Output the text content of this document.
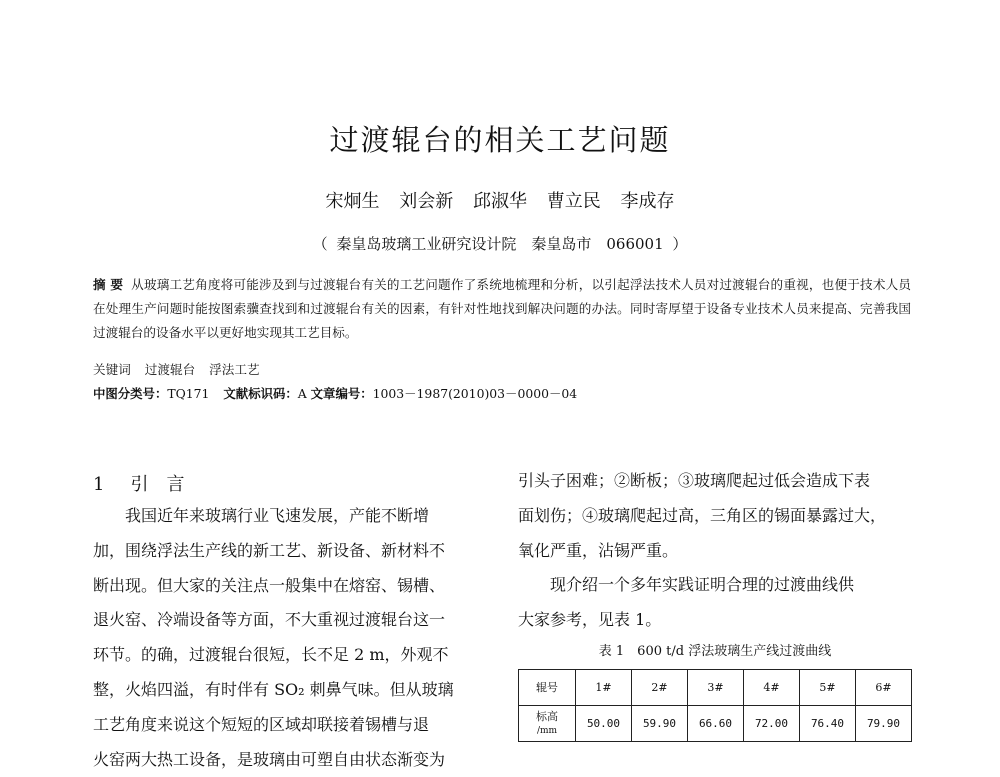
过渡辊台的相关工艺问题
宋炯生 刘会新 邱淑华 曹立民 李成存
（ 秦皇岛玻璃工业研究设计院　秦皇岛市　066001 ）
摘 要 从玻璃工艺角度将可能涉及到与过渡辊台有关的工艺问题作了系统地梳理和分析，以引起浮法技术人员对过渡辊台的重视，也便于技术人员在处理生产问题时能按图索骥查找到和过渡辊台有关的因素，有针对性地找到解决问题的办法。同时寄厚望于设备专业技术人员来提高、完善我国过渡辊台的设备水平以更好地实现其工艺目标。
关键词 过渡辊台 浮法工艺
中图分类号：TQ171 文献标识码：A 文章编号：1003－1987(2010)03－0000－04
1 引　言
我国近年来玻璃行业飞速发展，产能不断增
加，围绕浮法生产线的新工艺、新设备、新材料不
断出现。但大家的关注点一般集中在熔窑、锡槽、
退火窑、冷端设备等方面，不大重视过渡辊台这一
环节。的确，过渡辊台很短，长不足 2 m，外观不
整，火焰四溢，有时伴有 SO₂ 刺鼻气味。但从玻璃
工艺角度来说这个短短的区域却联接着锡槽与退
火窑两大热工设备，是玻璃由可塑自由状态渐变为
引头子困难；②断板；③玻璃爬起过低会造成下表
面划伤；④玻璃爬起过高，三角区的锡面暴露过大，
氧化严重，沾锡严重。
现介绍一个多年实践证明合理的过渡曲线供
大家参考，见表 1。
表 1　600 t/d 浮法玻璃生产线过渡曲线
辊号	1#	2#	3#	4#	5#	6#
标高
/mm	50.00	59.90	66.60	72.00	76.40	79.90
